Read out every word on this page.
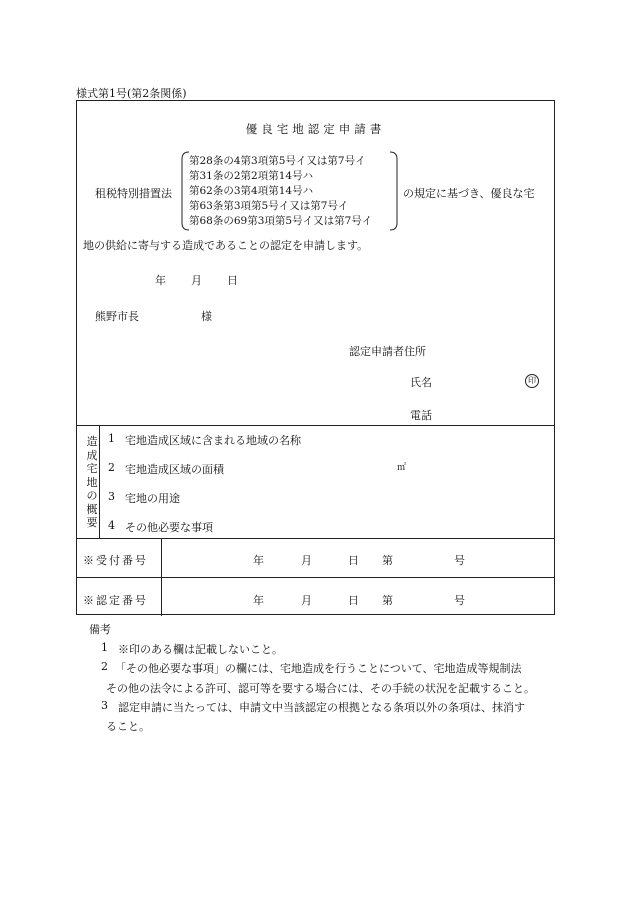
様式第1号(第2条関係)
優良宅地認定申請書
租税特別措置法
第28条の4第3項第5号イ又は第7号イ
第31条の2第2項第14号ハ
第62条の3第4項第14号ハ
第63条第3項第5号イ又は第7号イ
第68条の69第3項第5号イ又は第7号イ
の規定に基づき、優良な宅
地の供給に寄与する造成であることの認定を申請します。
年 月 日
熊野市長	様
認定申請者住所
氏名	印
電話
造成宅地の概要
1 宅地造成区域に含まれる地域の名称
2 宅地造成区域の面積	㎡
3 宅地の用途
4 その他必要な事項
※受付番号	年	月	日 第	号
※認定番号	年	月	日 第	号
備考
1 ※印のある欄は記載しないこと。
2 「その他必要な事項」の欄には、宅地造成を行うことについて、宅地造成等規制法
その他の法令による許可、認可等を要する場合には、その手続の状況を記載すること。
3 認定申請に当たっては、申請文中当該認定の根拠となる条項以外の条項は、抹消す
ること。
